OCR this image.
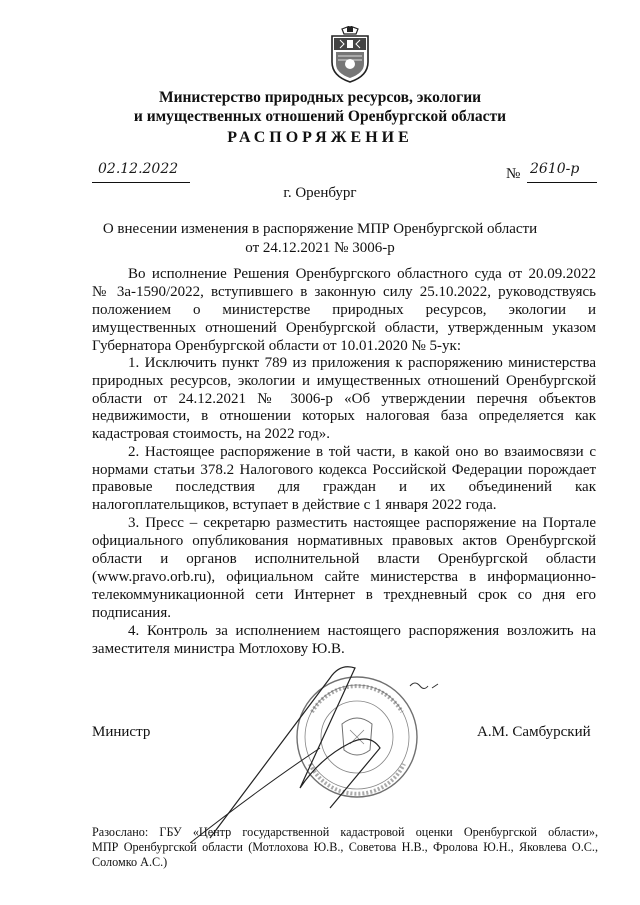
Министерство природных ресурсов, экологии
и имущественных отношений Оренбургской области
РАСПОРЯЖЕНИЕ
02.12.2022	№ 2610-р
г. Оренбург
О внесении изменения в распоряжение МПР Оренбургской области
от 24.12.2021 № 3006-р
Во исполнение Решения Оренбургского областного суда от 20.09.2022
№ 3а-1590/2022, вступившего в законную силу 25.10.2022, руководствуясь
положением о министерстве природных ресурсов, экологии и
имущественных отношений Оренбургской области, утвержденным указом
Губернатора Оренбургской области от 10.01.2020 № 5-ук:
1. Исключить пункт 789 из приложения к распоряжению министерства
природных ресурсов, экологии и имущественных отношений Оренбургской
области от 24.12.2021 № 3006-р «Об утверждении перечня объектов
недвижимости, в отношении которых налоговая база определяется как
кадастровая стоимость, на 2022 год».
2. Настоящее распоряжение в той части, в какой оно во взаимосвязи с
нормами статьи 378.2 Налогового кодекса Российской Федерации порождает
правовые последствия для граждан и их объединений как
налогоплательщиков, вступает в действие с 1 января 2022 года.
3. Пресс – секретарю разместить настоящее распоряжение на Портале
официального опубликования нормативных правовых актов Оренбургской
области и органов исполнительной власти Оренбургской области
(www.pravo.orb.ru), официальном сайте министерства в информационно-
телекоммуникационной сети Интернет в трехдневный срок со дня его
подписания.
4. Контроль за исполнением настоящего распоряжения возложить на
заместителя министра Мотлохову Ю.В.
Министр	А.М. Самбурский
Разослано: ГБУ «Центр государственной кадастровой оценки Оренбургской области»,
МПР Оренбургской области (Мотлохова Ю.В., Советова Н.В., Фролова Ю.Н., Яковлева О.С.,
Соломко А.С.)
